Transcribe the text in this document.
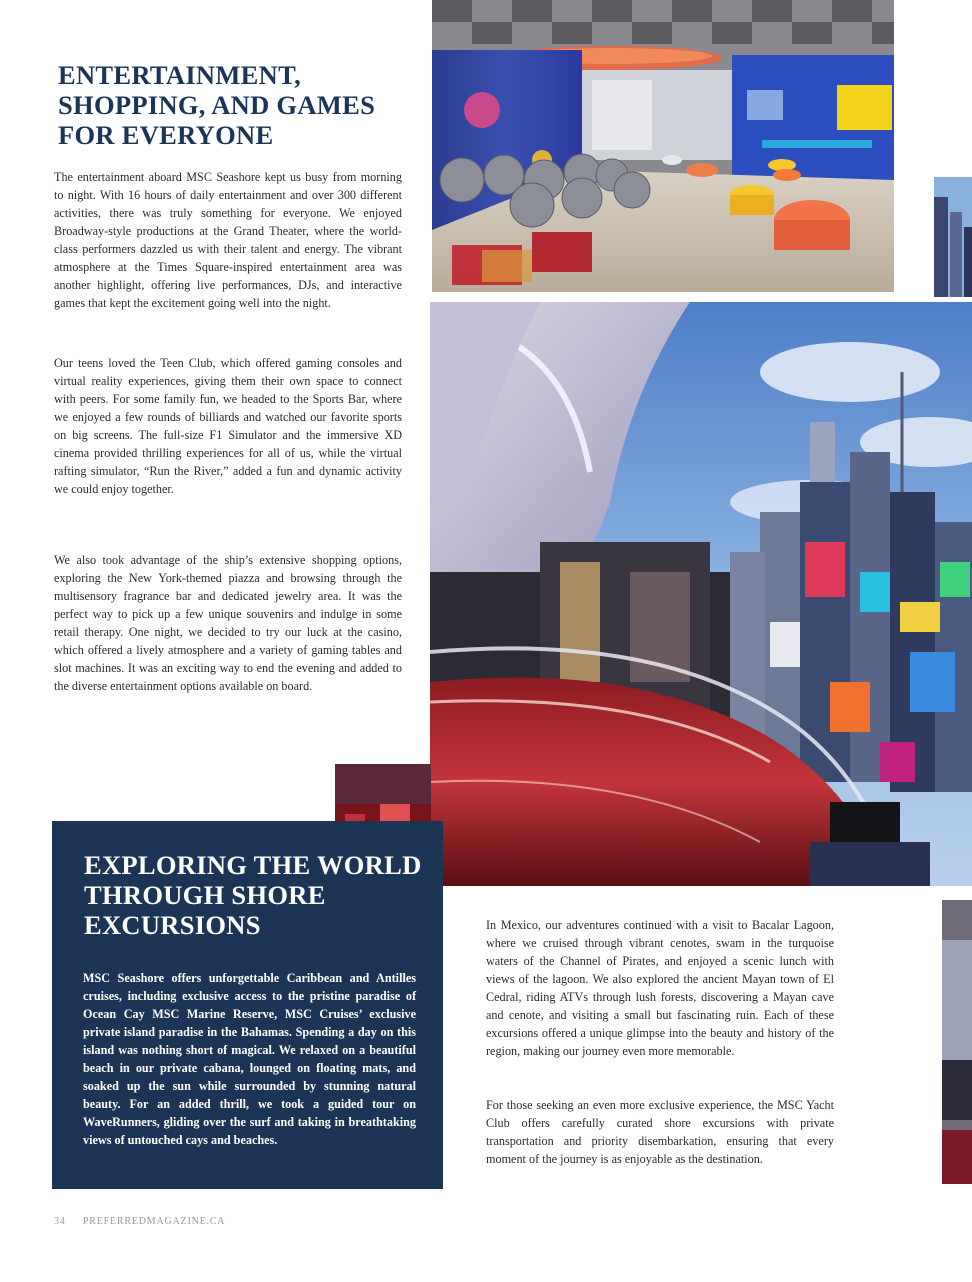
ENTERTAINMENT, SHOPPING, AND GAMES FOR EVERYONE

The entertainment aboard MSC Seashore kept us busy from morning to night. With 16 hours of daily entertainment and over 300 different activities, there was truly something for everyone. We enjoyed Broadway-style productions at the Grand Theater, where the world-class performers dazzled us with their talent and energy. The vibrant atmosphere at the Times Square-inspired entertainment area was another highlight, offering live performances, DJs, and interactive games that kept the excitement going well into the night.

Our teens loved the Teen Club, which offered gaming consoles and virtual reality experiences, giving them their own space to connect with peers. For some family fun, we headed to the Sports Bar, where we enjoyed a few rounds of billiards and watched our favorite sports on big screens. The full-size F1 Simulator and the immersive XD cinema provided thrilling experiences for all of us, while the virtual rafting simulator, “Run the River,” added a fun and dynamic activity we could enjoy together.

We also took advantage of the ship’s extensive shopping options, exploring the New York-themed piazza and browsing through the multisensory fragrance bar and dedicated jewelry area. It was the perfect way to pick up a few unique souvenirs and indulge in some retail therapy. One night, we decided to try our luck at the casino, which offered a lively atmosphere and a variety of gaming tables and slot machines. It was an exciting way to end the evening and added to the diverse entertainment options available on board.

EXPLORING THE WORLD THROUGH SHORE EXCURSIONS

MSC Seashore offers unforgettable Caribbean and Antilles cruises, including exclusive access to the pristine paradise of Ocean Cay MSC Marine Reserve, MSC Cruises’ exclusive private island paradise in the Bahamas. Spending a day on this island was nothing short of magical. We relaxed on a beautiful beach in our private cabana, lounged on floating mats, and soaked up the sun while surrounded by stunning natural beauty. For an added thrill, we took a guided tour on WaveRunners, gliding over the surf and taking in breathtaking views of untouched cays and beaches.

In Mexico, our adventures continued with a visit to Bacalar Lagoon, where we cruised through vibrant cenotes, swam in the turquoise waters of the Channel of Pirates, and enjoyed a scenic lunch with views of the lagoon. We also explored the ancient Mayan town of El Cedral, riding ATVs through lush forests, discovering a Mayan cave and cenote, and visiting a small but fascinating ruin. Each of these excursions offered a unique glimpse into the beauty and history of the region, making our journey even more memorable.

For those seeking an even more exclusive experience, the MSC Yacht Club offers carefully curated shore excursions with private transportation and priority disembarkation, ensuring that every moment of the journey is as enjoyable as the destination.

34 PREFERREDMAGAZINE.CA
